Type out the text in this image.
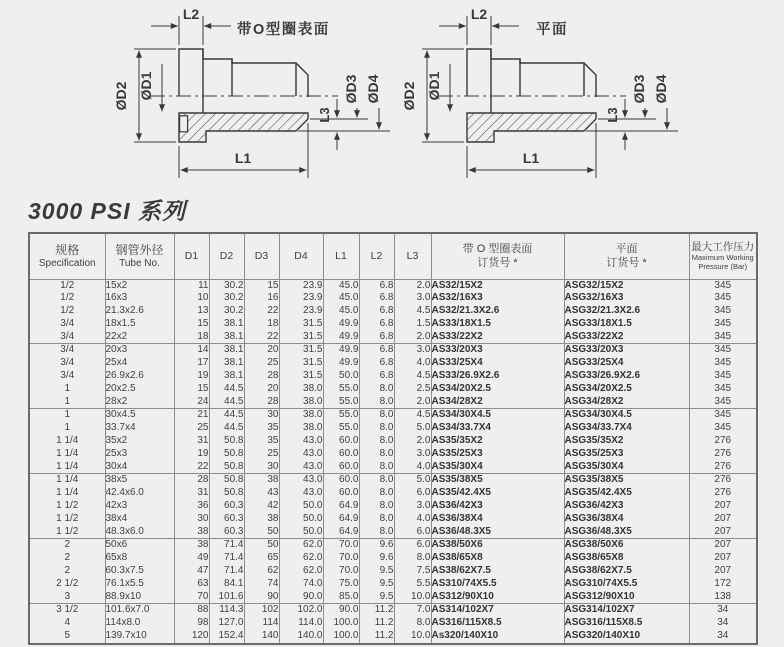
L2
带O型圈表面
ØD2 ØD1	ØD3 ØD4
L3
L1
L2
平面
ØD2 ØD1	ØD3 ØD4
L3
L1
3000 PSI 系列
规格
Specification

钢管外径
Tube No.
	D1	D2	D3	D4	L1	L2	L3	
带 O 型圈表面
订货号 *

平面
订货号 *

最大工作压力
Maximum Working
Pressure (Bar)

1/2	15x2	11	30.2	15	23.9	45.0	6.8	2.0	AS32/15X2	ASG32/15X2	345
1/2	16x3	10	30.2	16	23.9	45.0	6.8	3.0	AS32/16X3	ASG32/16X3	345
1/2	21.3x2.6	13	30.2	22	23.9	45.0	6.8	4.5	AS32/21.3X2.6	ASG32/21.3X2.6	345
3/4	18x1.5	15	38.1	18	31.5	49.9	6.8	1.5	AS33/18X1.5	ASG33/18X1.5	345
3/4	22x2	18	38.1	22	31.5	49.9	6.8	2.0	AS33/22X2	ASG33/22X2	345
3/4	20x3	14	38.1	20	31.5	49.9	6.8	3.0	AS33/20X3	ASG33/20X3	345
3/4	25x4	17	38.1	25	31.5	49.9	6.8	4.0	AS33/25X4	ASG33/25X4	345
3/4	26.9x2.6	19	38.1	28	31.5	50.0	6.8	4.5	AS33/26.9X2.6	ASG33/26.9X2.6	345
1	20x2.5	15	44.5	20	38.0	55.0	8.0	2.5	AS34/20X2.5	ASG34/20X2.5	345
1	28x2	24	44.5	28	38.0	55.0	8.0	2.0	AS34/28X2	ASG34/28X2	345
1	30x4.5	21	44.5	30	38.0	55.0	8.0	4.5	AS34/30X4.5	ASG34/30X4.5	345
1	33.7x4	25	44.5	35	38.0	55.0	8.0	5.0	AS34/33.7X4	ASG34/33.7X4	345
1 1/4	35x2	31	50.8	35	43.0	60.0	8.0	2.0	AS35/35X2	ASG35/35X2	276
1 1/4	25x3	19	50.8	25	43.0	60.0	8.0	3.0	AS35/25X3	ASG35/25X3	276
1 1/4	30x4	22	50.8	30	43.0	60.0	8.0	4.0	AS35/30X4	ASG35/30X4	276
1 1/4	38x5	28	50.8	38	43.0	60.0	8.0	5.0	AS35/38X5	ASG35/38X5	276
1 1/4	42.4x6.0	31	50.8	43	43.0	60.0	8.0	6.0	AS35/42.4X5	ASG35/42.4X5	276
1 1/2	42x3	36	60.3	42	50.0	64.9	8.0	3.0	AS36/42X3	ASG36/42X3	207
1 1/2	38x4	30	60.3	38	50.0	64.9	8.0	4.0	AS36/38X4	ASG36/38X4	207
1 1/2	48.3x6.0	38	60.3	50	50.0	64.9	8.0	6.0	AS36/48.3X5	ASG36/48.3X5	207
2	50x6	38	71.4	50	62.0	70.0	9.6	6.0	AS38/50X6	ASG38/50X6	207
2	65x8	49	71.4	65	62.0	70.0	9.6	8.0	AS38/65X8	ASG38/65X8	207
2	60.3x7.5	47	71.4	62	62.0	70.0	9.5	7.5	AS38/62X7.5	ASG38/62X7.5	207
2 1/2	76.1x5.5	63	84.1	74	74.0	75.0	9.5	5.5	AS310/74X5.5	ASG310/74X5.5	172
3	88.9x10	70	101.6	90	90.0	85.0	9.5	10.0	AS312/90X10	ASG312/90X10	138
3 1/2	101.6x7.0	88	114.3	102	102.0	90.0	11.2	7.0	AS314/102X7	ASG314/102X7	34
4	114x8.0	98	127.0	114	114.0	100.0	11.2	8.0	AS316/115X8.5	ASG316/115X8.5	34
5	139.7x10	120	152.4	140	140.0	100.0	11.2	10.0	As320/140X10	ASG320/140X10	34
